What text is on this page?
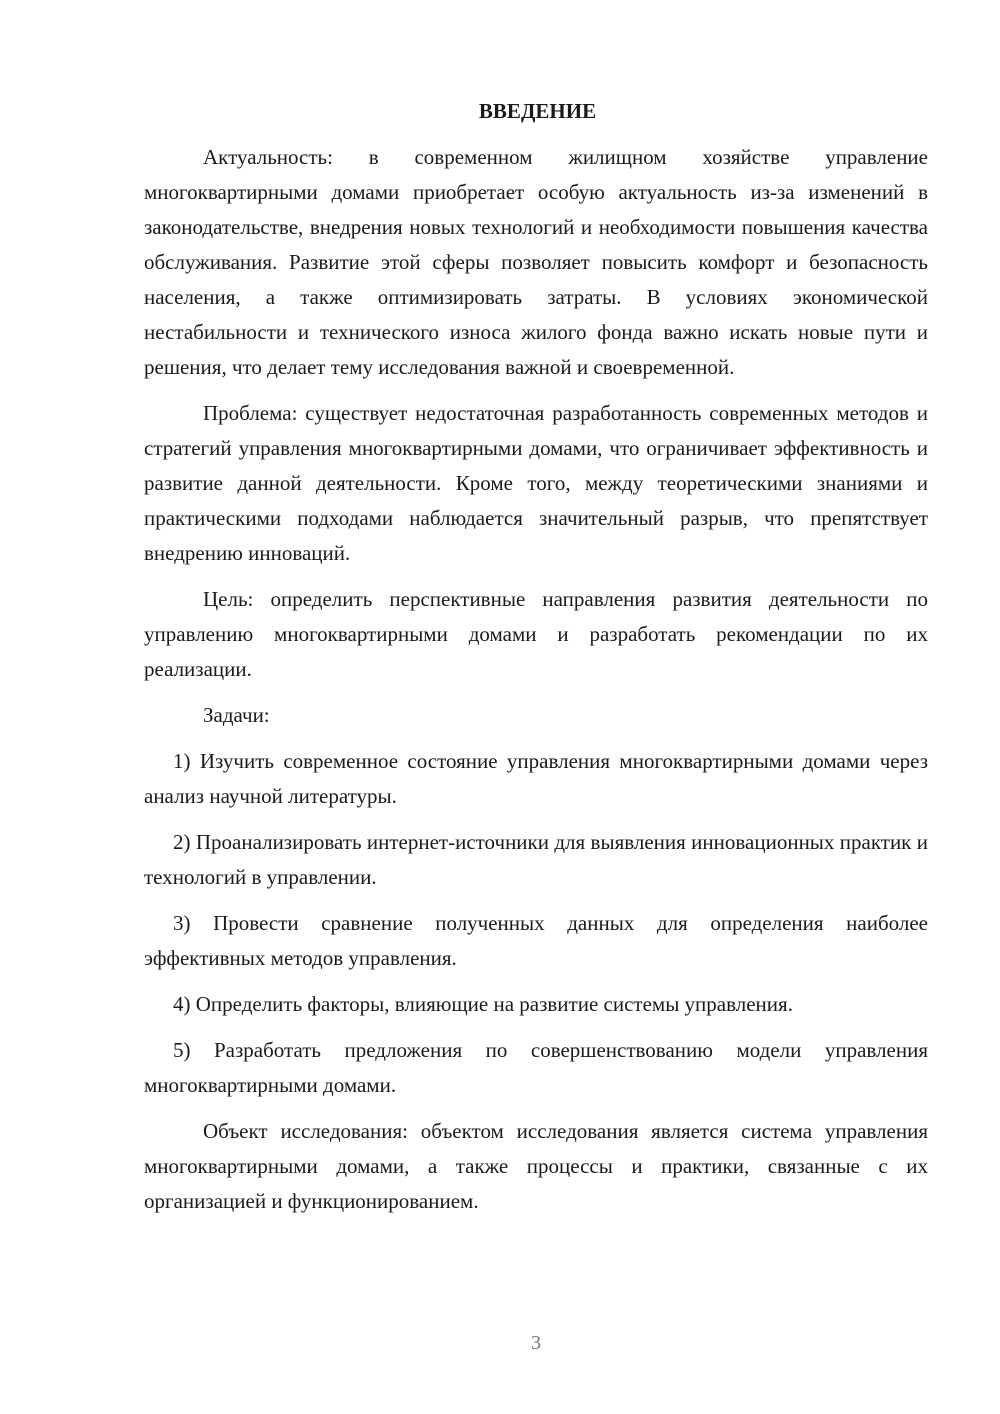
ВВЕДЕНИЕ

Актуальность: в современном жилищном хозяйстве управление многоквартирными домами приобретает особую актуальность из-за изменений в законодательстве, внедрения новых технологий и необходимости повышения качества обслуживания. Развитие этой сферы позволяет повысить комфорт и безопасность населения, а также оптимизировать затраты. В условиях экономической нестабильности и технического износа жилого фонда важно искать новые пути и решения, что делает тему исследования важной и своевременной.

Проблема: существует недостаточная разработанность современных методов и стратегий управления многоквартирными домами, что ограничивает эффективность и развитие данной деятельности. Кроме того, между теоретическими знаниями и практическими подходами наблюдается значительный разрыв, что препятствует внедрению инноваций.

Цель: определить перспективные направления развития деятельности по управлению многоквартирными домами и разработать рекомендации по их реализации.

Задачи:

1) Изучить современное состояние управления многоквартирными домами через анализ научной литературы.

2) Проанализировать интернет-источники для выявления инновационных практик и технологий в управлении.

3) Провести сравнение полученных данных для определения наиболее эффективных методов управления.

4) Определить факторы, влияющие на развитие системы управления.

5) Разработать предложения по совершенствованию модели управления многоквартирными домами.

Объект исследования: объектом исследования является система управления многоквартирными домами, а также процессы и практики, связанные с их организацией и функционированием.

3
